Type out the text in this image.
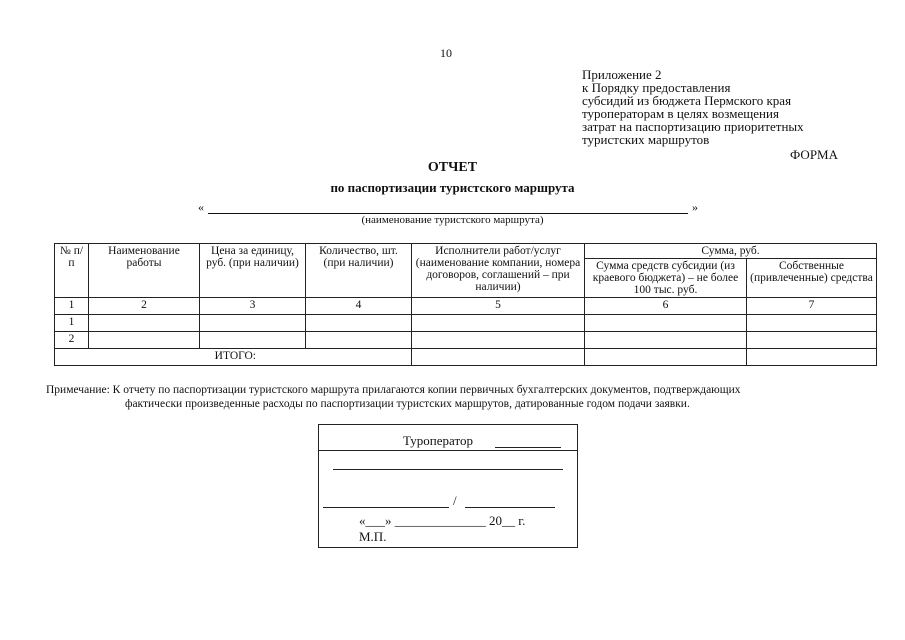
10
Приложение 2
к Порядку предоставления
субсидий из бюджета Пермского края
туроператорам в целях возмещения
затрат на паспортизацию приоритетных
туристских маршрутов
ФОРМА
ОТЧЕТ
по паспортизации туристского маршрута
«	»
(наименование туристского маршрута)
№ п/п	Наименование работы	Цена за единицу, руб. (при наличии)	Количество, шт. (при наличии)	Исполнители работ/услуг (наименование компании, номера договоров, соглашений – при наличии)	Сумма, руб.	
					Сумма средств субсидии (из краевого бюджета) – не более 100 тыс. руб.	Собственные (привлеченные) средства
1	2	3	4	5	6	7
1						
2						
ИТОГО:						
Примечание: К отчету по паспортизации туристского маршрута прилагаются копии первичных бухгалтерских документов, подтверждающих
фактически произведенные расходы по паспортизации туристских маршрутов, датированные годом подачи заявки.
Туроператор
/
«___» ______________ 20__ г.
М.П.
